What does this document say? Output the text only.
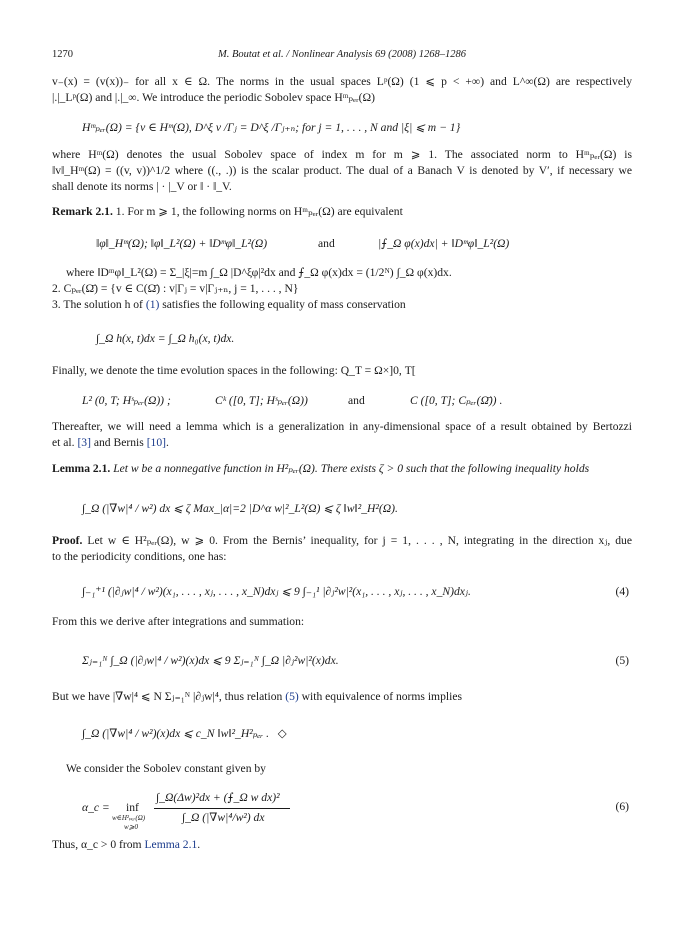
1270	M. Boutat et al. / Nonlinear Analysis 69 (2008) 1268–1286
v₋(x) = (v(x))₋ for all x ∈ Ω. The norms in the usual spaces Lᵖ(Ω) (1 ⩽ p < +∞) and L^∞(Ω) are respectively
|.|_Lᵖ(Ω) and |.|_∞. We introduce the periodic Sobolev space Hᵐₚₑᵣ(Ω)
Hᵐₚₑᵣ(Ω) = {v ∈ Hᵐ(Ω), D^ξ v /Γⱼ = D^ξ /Γⱼ₊ₙ; for j = 1, . . . , N and |ξ| ⩽ m − 1}
where Hᵐ(Ω) denotes the usual Sobolev space of index m for m ⩾ 1. The associated norm to Hᵐₚₑᵣ(Ω) is
‖v‖_Hᵐ(Ω) = ((v, v))^1/2 where ((., .)) is the scalar product. The dual of a Banach V is denoted by V′, if necessary we
shall denote its norms | · |_V or ‖ · ‖_V.
Remark 2.1. 1. For m ⩾ 1, the following norms on Hᵐₚₑᵣ(Ω) are equivalent
‖φ‖_Hᵐ(Ω); ‖φ‖_L²(Ω) + ‖Dᵐφ‖_L²(Ω)	and	|⨍_Ω φ(x)dx| + ‖Dᵐφ‖_L²(Ω)
where ‖Dᵐφ‖_L²(Ω) = Σ_|ξ|=m ∫_Ω |D^ξφ|²dx and ⨍_Ω φ(x)dx = (1/2ᴺ) ∫_Ω φ(x)dx.
2. Cₚₑᵣ(Ω̄) = {v ∈ C(Ω̄) : v|Γⱼ = v|Γⱼ₊ₙ, j = 1, . . . , N}
3. The solution h of (1) satisfies the following equality of mass conservation
∫_Ω h(x, t)dx = ∫_Ω h₀(x, t)dx.
Finally, we denote the time evolution spaces in the following: Q_T = Ω×]0, T[
L² (0, T; Hˢₚₑᵣ(Ω)) ;	Cᵏ ([0, T]; Hˢₚₑᵣ(Ω))	and	C ([0, T]; Cₚₑᵣ(Ω̄)) .
Thereafter, we will need a lemma which is a generalization in any-dimensional space of a result obtained by Bertozzi
et al. [3] and Bernis [10].
Lemma 2.1. Let w be a nonnegative function in H²ₚₑᵣ(Ω). There exists ζ > 0 such that the following inequality holds
∫_Ω (|∇w|⁴ / w²) dx ⩽ ζ Max_|α|=2 |D^α w|²_L²(Ω) ⩽ ζ ‖w‖²_H²(Ω).
Proof. Let w ∈ H²ₚₑᵣ(Ω), w ⩾ 0. From the Bernis’ inequality, for j = 1, . . . , N, integrating in the direction xⱼ, due
to the periodicity conditions, one has:
∫₋₁⁺¹ (|∂ⱼw|⁴ / w²)(x₁, . . . , xⱼ, . . . , x_N)dxⱼ ⩽ 9 ∫₋₁¹ |∂ⱼ²w|²(x₁, . . . , xⱼ, . . . , x_N)dxⱼ.	(4)
From this we derive after integrations and summation:
Σⱼ₌₁ᴺ ∫_Ω (|∂ⱼw|⁴ / w²)(x)dx ⩽ 9 Σⱼ₌₁ᴺ ∫_Ω |∂ⱼ²w|²(x)dx.	(5)
But we have |∇w|⁴ ⩽ N Σⱼ₌₁ᴺ |∂ⱼw|⁴, thus relation (5) with equivalence of norms implies
∫_Ω (|∇w|⁴ / w²)(x)dx ⩽ c_N ‖w‖²_H²ₚₑᵣ . ◇
We consider the Sobolev constant given by
α_c = inf
w∈H²ₚₑᵣ(Ω)
w⩾0
∫_Ω(Δw)²dx + (⨍_Ω w dx)²
∫_Ω (|∇w|⁴/w²) dx
(6)
Thus, α_c > 0 from Lemma 2.1.
